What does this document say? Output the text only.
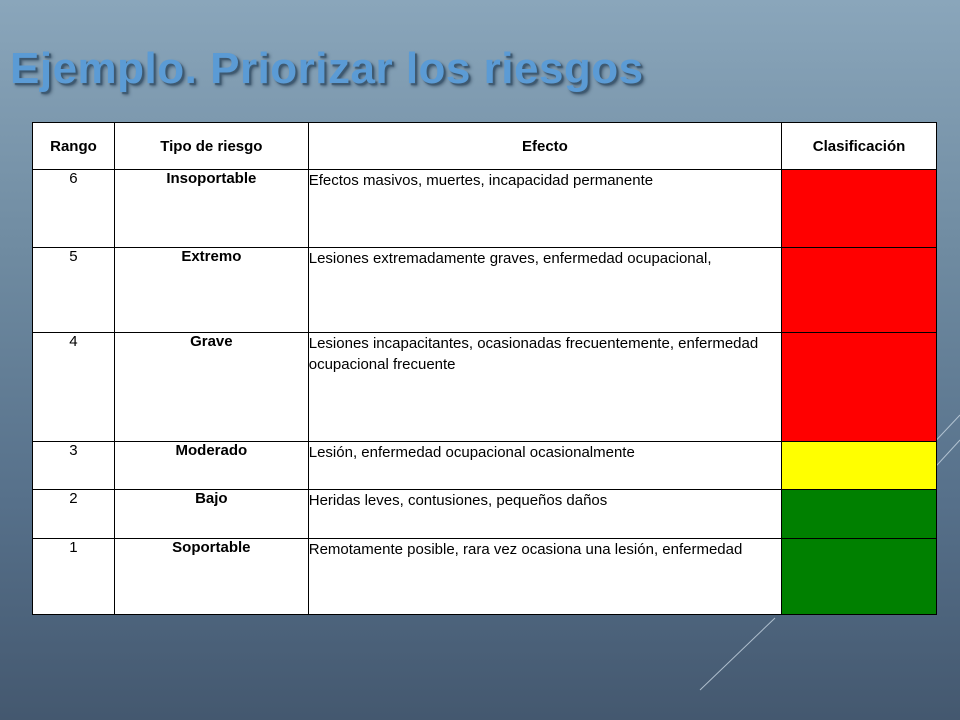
Ejemplo. Priorizar los riesgos
Rango	Tipo de riesgo	Efecto	Clasificación
6	Insoportable	Efectos masivos, muertes, incapacidad permanente	
5	Extremo	Lesiones extremadamente graves, enfermedad ocupacional,	
4	Grave	Lesiones incapacitantes, ocasionadas frecuentemente, enfermedad ocupacional frecuente	
3	Moderado	Lesión, enfermedad ocupacional ocasionalmente	
2	Bajo	Heridas leves, contusiones, pequeños daños	
1	Soportable	Remotamente posible, rara vez ocasiona una lesión, enfermedad	
